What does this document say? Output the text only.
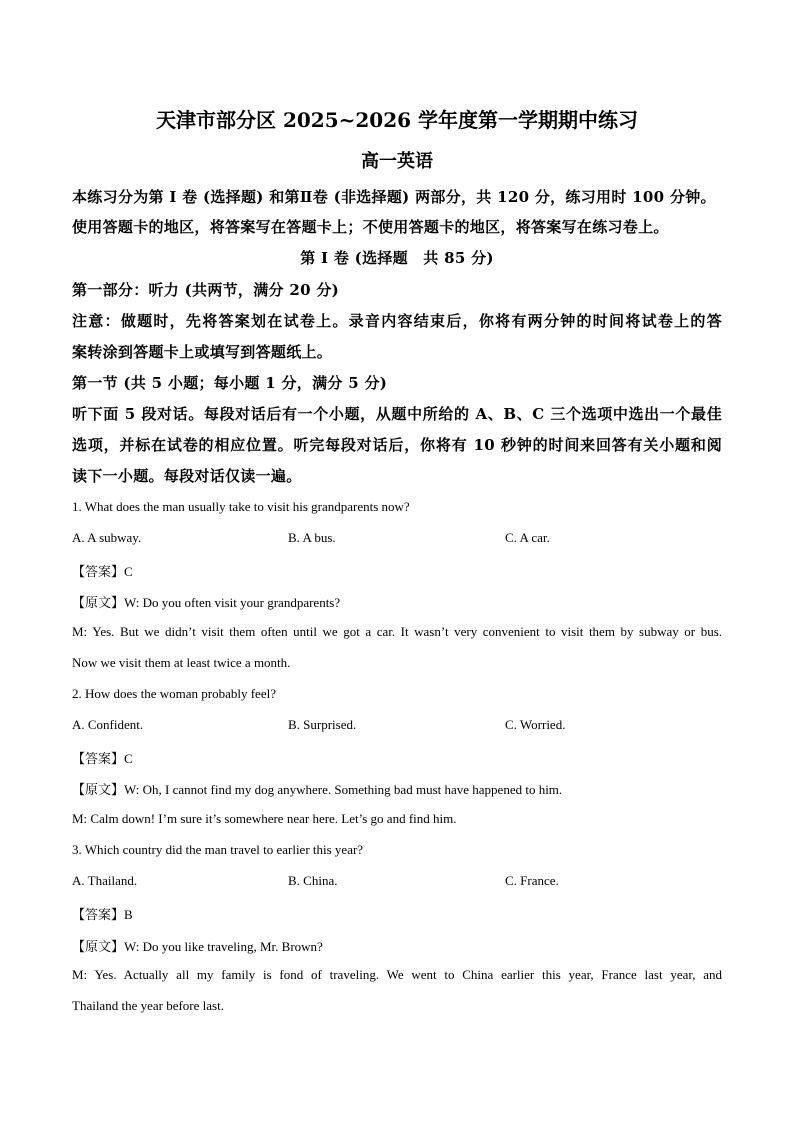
天津市部分区 2025~2026 学年度第一学期期中练习
高一英语
本练习分为第 I 卷 (选择题) 和第Ⅱ卷 (非选择题) 两部分，共 120 分，练习用时 100 分钟。
使用答题卡的地区，将答案写在答题卡上；不使用答题卡的地区，将答案写在练习卷上。
第 I 卷 (选择题　共 85 分)
第一部分：听力 (共两节，满分 20 分)
注意：做题时，先将答案划在试卷上。录音内容结束后，你将有两分钟的时间将试卷上的答
案转涂到答题卡上或填写到答题纸上。
第一节 (共 5 小题；每小题 1 分，满分 5 分)
听下面 5 段对话。每段对话后有一个小题，从题中所给的 A、B、C 三个选项中选出一个最佳
选项，并标在试卷的相应位置。听完每段对话后，你将有 10 秒钟的时间来回答有关小题和阅
读下一小题。每段对话仅读一遍。
1. What does the man usually take to visit his grandparents now?
A. A subway.	B. A bus.	C. A car.
【答案】C
【原文】W: Do you often visit your grandparents?
M: Yes. But we didn’t visit them often until we got a car. It wasn’t very convenient to visit them by subway or bus.
Now we visit them at least twice a month.
2. How does the woman probably feel?
A. Confident.	B. Surprised.	C. Worried.
【答案】C
【原文】W: Oh, I cannot find my dog anywhere. Something bad must have happened to him.
M: Calm down! I’m sure it’s somewhere near here. Let’s go and find him.
3. Which country did the man travel to earlier this year?
A. Thailand.	B. China.	C. France.
【答案】B
【原文】W: Do you like traveling, Mr. Brown?
M: Yes. Actually all my family is fond of traveling. We went to China earlier this year, France last year, and
Thailand the year before last.
